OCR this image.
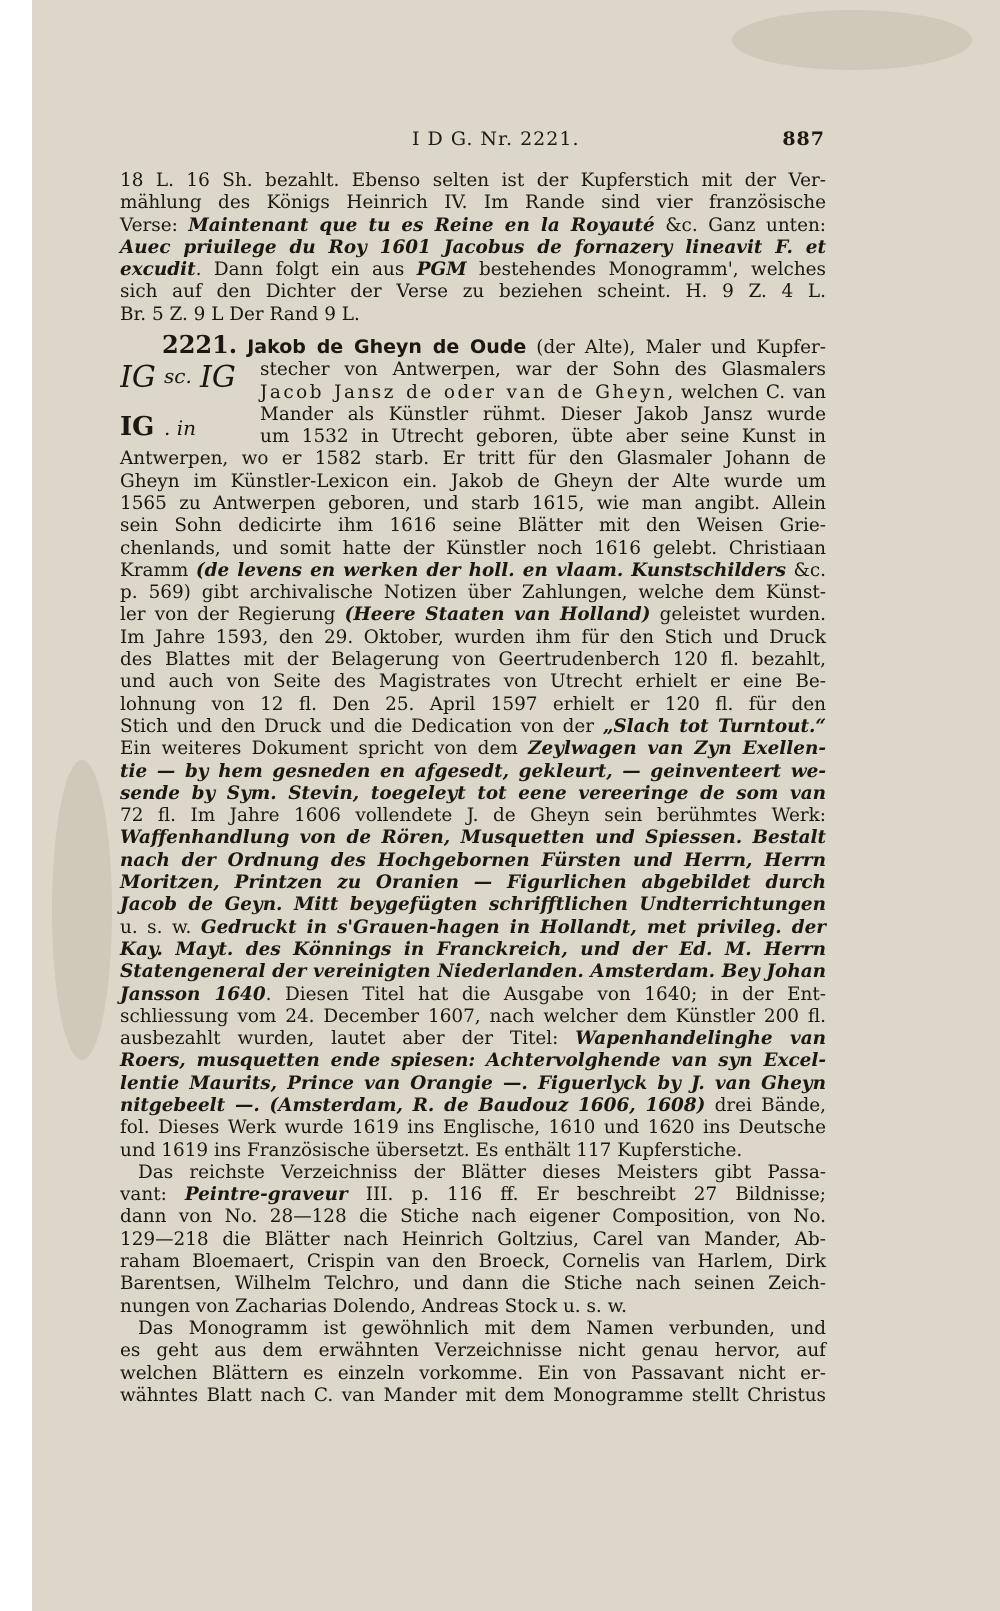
I D G. Nr. 2221.	887
18 L. 16 Sh. bezahlt. Ebenso selten ist der Kupferstich mit der Ver-
mählung des Königs Heinrich IV. Im Rande sind vier französische
Verse: Maintenant que tu es Reine en la Royauté &c. Ganz unten:
Auec priuilege du Roy 1601 Jacobus de fornazery lineavit F. et
excudit. Dann folgt ein aus PGM bestehendes Monogramm', welches
sich auf den Dichter der Verse zu beziehen scheint. H. 9 Z. 4 L.
Br. 5 Z. 9 L Der Rand 9 L.
2221. Jakob de Gheyn de Oude (der Alte), Maler und Kupfer-
IG sc. IG
IG . in
stecher von Antwerpen, war der Sohn des Glasmalers
Jacob Jansz de oder van de Gheyn, welchen C. van
Mander als Künstler rühmt. Dieser Jakob Jansz wurde
um 1532 in Utrecht geboren, übte aber seine Kunst in
Antwerpen, wo er 1582 starb. Er tritt für den Glasmaler Johann de
Gheyn im Künstler-Lexicon ein. Jakob de Gheyn der Alte wurde um
1565 zu Antwerpen geboren, und starb 1615, wie man angibt. Allein
sein Sohn dedicirte ihm 1616 seine Blätter mit den Weisen Grie-
chenlands, und somit hatte der Künstler noch 1616 gelebt. Christiaan
Kramm (de levens en werken der holl. en vlaam. Kunstschilders &c.
p. 569) gibt archivalische Notizen über Zahlungen, welche dem Künst-
ler von der Regierung (Heere Staaten van Holland) geleistet wurden.
Im Jahre 1593, den 29. Oktober, wurden ihm für den Stich und Druck
des Blattes mit der Belagerung von Geertrudenberch 120 fl. bezahlt,
und auch von Seite des Magistrates von Utrecht erhielt er eine Be-
lohnung von 12 fl. Den 25. April 1597 erhielt er 120 fl. für den
Stich und den Druck und die Dedication von der „Slach tot Turntout.“
Ein weiteres Dokument spricht von dem Zeylwagen van Zyn Exellen-
tie — by hem gesneden en afgesedt, gekleurt, — geinventeert we-
sende by Sym. Stevin, toegeleyt tot eene vereeringe de som van
72 fl. Im Jahre 1606 vollendete J. de Gheyn sein berühmtes Werk:
Waffenhandlung von de Rören, Musquetten und Spiessen. Bestalt
nach der Ordnung des Hochgebornen Fürsten und Herrn, Herrn
Moritzen, Printzen zu Oranien — Figurlichen abgebildet durch
Jacob de Geyn. Mitt beygefügten schrifftlichen Undterrichtungen
u. s. w. Gedruckt in s'Grauen-hagen in Hollandt, met privileg. der
Kay. Mayt. des Könnings in Franckreich, und der Ed. M. Herrn
Statengeneral der vereinigten Niederlanden. Amsterdam. Bey Johan
Jansson 1640. Diesen Titel hat die Ausgabe von 1640; in der Ent-
schliessung vom 24. December 1607, nach welcher dem Künstler 200 fl.
ausbezahlt wurden, lautet aber der Titel: Wapenhandelinghe van
Roers, musquetten ende spiesen: Achtervolghende van syn Excel-
lentie Maurits, Prince van Orangie —. Figuerlyck by J. van Gheyn
nitgebeelt —. (Amsterdam, R. de Baudouz 1606, 1608) drei Bände,
fol. Dieses Werk wurde 1619 ins Englische, 1610 und 1620 ins Deutsche
und 1619 ins Französische übersetzt. Es enthält 117 Kupferstiche.
Das reichste Verzeichniss der Blätter dieses Meisters gibt Passa-
vant: Peintre-graveur III. p. 116 ff. Er beschreibt 27 Bildnisse;
dann von No. 28—128 die Stiche nach eigener Composition, von No.
129—218 die Blätter nach Heinrich Goltzius, Carel van Mander, Ab-
raham Bloemaert, Crispin van den Broeck, Cornelis van Harlem, Dirk
Barentsen, Wilhelm Telchro, und dann die Stiche nach seinen Zeich-
nungen von Zacharias Dolendo, Andreas Stock u. s. w.
Das Monogramm ist gewöhnlich mit dem Namen verbunden, und
es geht aus dem erwähnten Verzeichnisse nicht genau hervor, auf
welchen Blättern es einzeln vorkomme. Ein von Passavant nicht er-
wähntes Blatt nach C. van Mander mit dem Monogramme stellt Christus
